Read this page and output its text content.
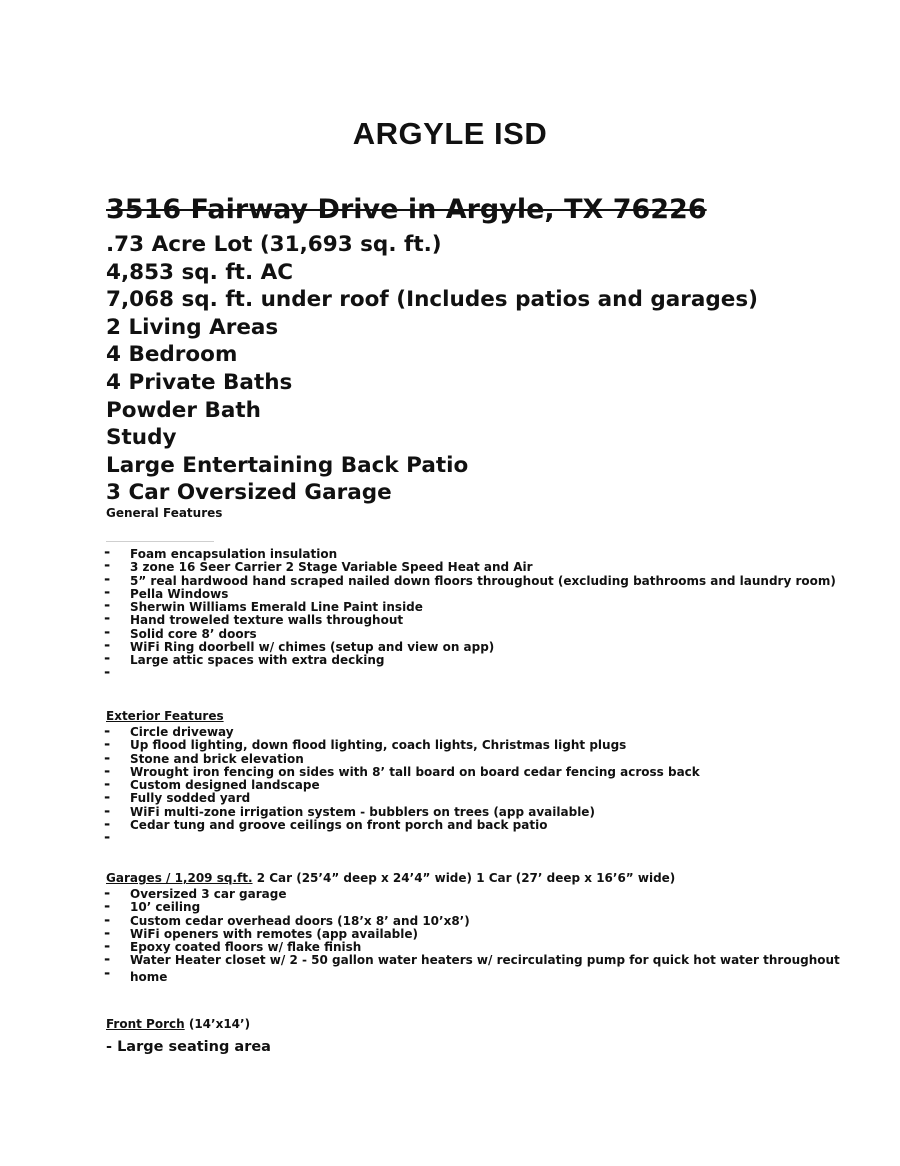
ARGYLE ISD
3516 Fairway Drive in Argyle, TX 76226
.73 Acre Lot (31,693 sq. ft.)
4,853 sq. ft. AC
7,068 sq. ft. under roof (Includes patios and garages)
2 Living Areas
4 Bedroom
4 Private Baths
Powder Bath
Study
Large Entertaining Back Patio
3 Car Oversized Garage
General Features
-
-
-
-
-
-
-
-
-
-
Foam encapsulation insulation
3 zone 16 Seer Carrier 2 Stage Variable Speed Heat and Air
5” real hardwood hand scraped nailed down floors throughout (excluding bathrooms and laundry room)
Pella Windows
Sherwin Williams Emerald Line Paint inside
Hand troweled texture walls throughout
Solid core 8’ doors
WiFi Ring doorbell w/ chimes (setup and view on app)
Large attic spaces with extra decking
Exterior Features
-
-
-
-
-
-
-
-
-
Circle driveway
Up flood lighting, down flood lighting, coach lights, Christmas light plugs
Stone and brick elevation
Wrought iron fencing on sides with 8’ tall board on board cedar fencing across back
Custom designed landscape
Fully sodded yard
WiFi multi-zone irrigation system - bubblers on trees (app available)
Cedar tung and groove ceilings on front porch and back patio
Garages / 1,209 sq.ft. 2 Car (25’4” deep x 24’4” wide) 1 Car (27’ deep x 16’6” wide)
-
-
-
-
-
-
-
Oversized 3 car garage
10’ ceiling
Custom cedar overhead doors (18’x 8’ and 10’x8’)
WiFi openers with remotes (app available)
Epoxy coated floors w/ flake finish
Water Heater closet w/ 2 - 50 gallon water heaters w/ recirculating pump for quick hot water throughout
home
Front Porch (14’x14’)
- Large seating area
